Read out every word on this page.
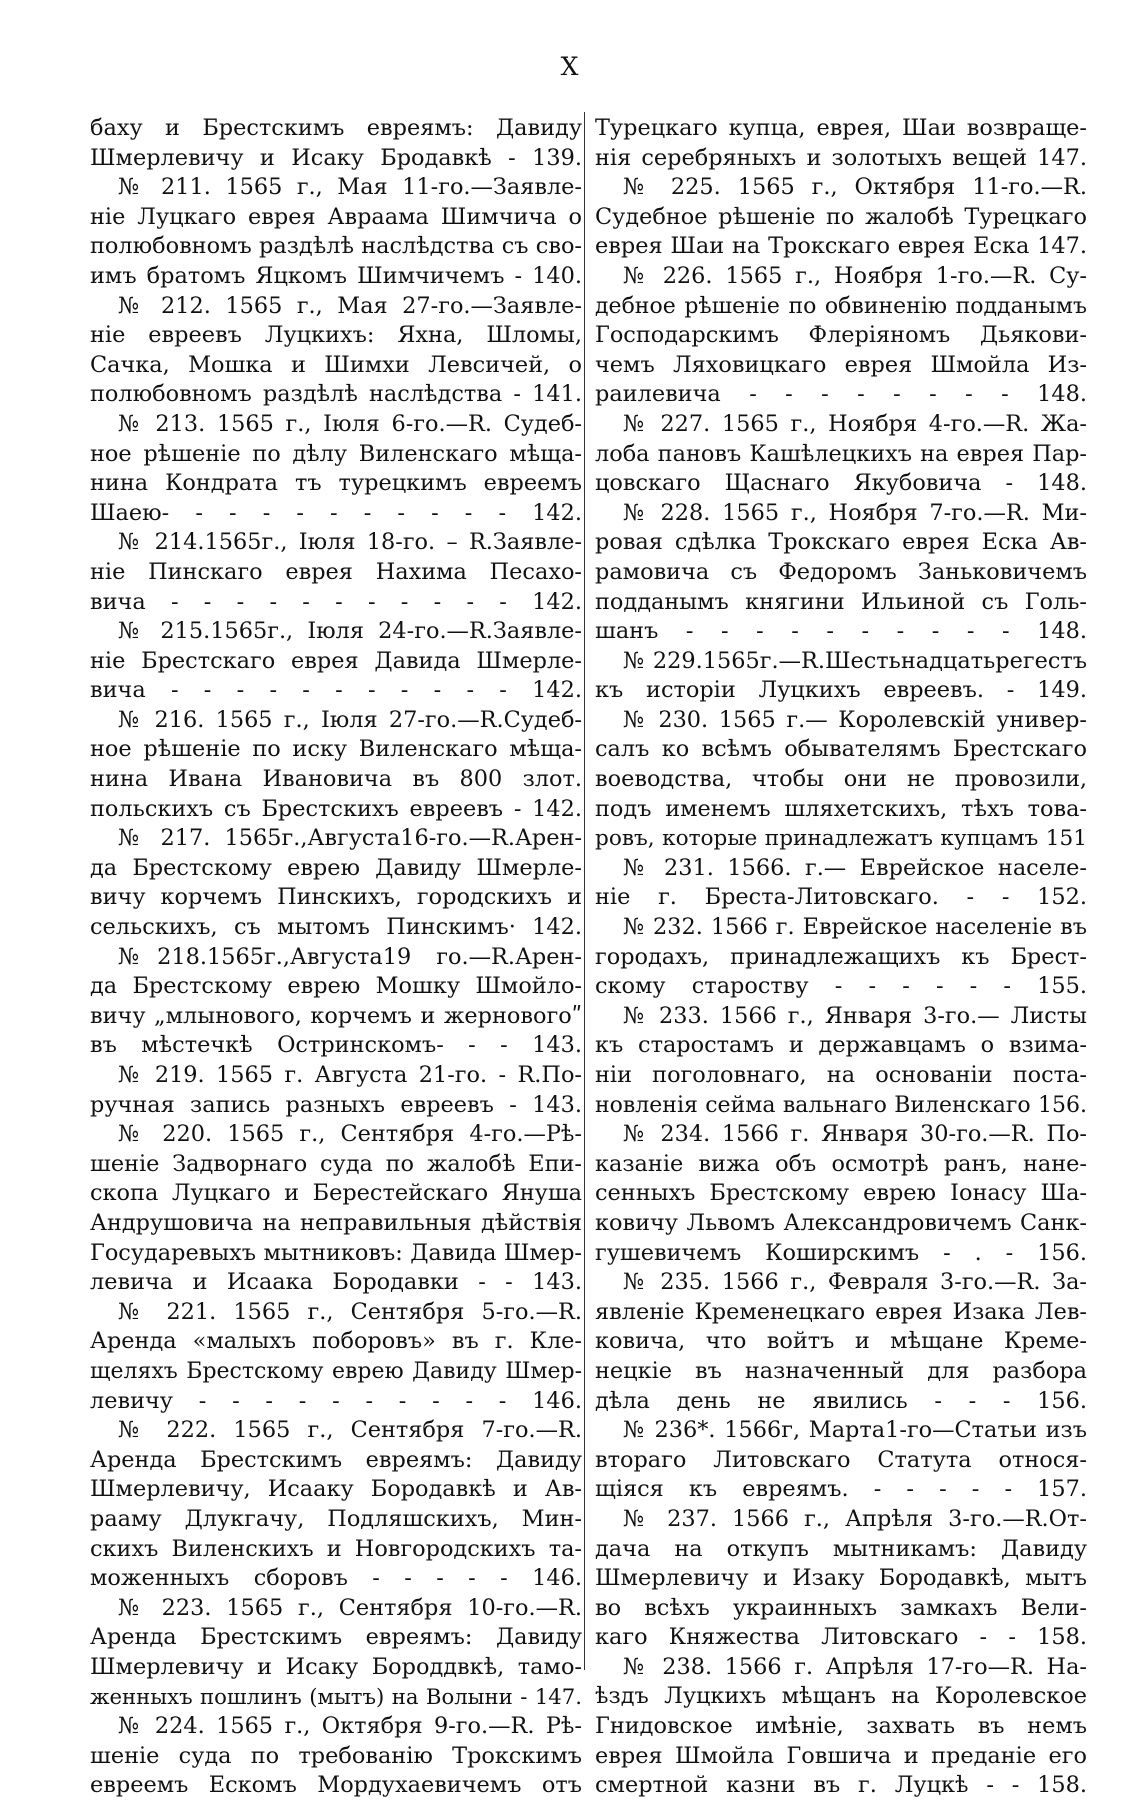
X
баху и Брестскимъ евреямъ: Давиду
Шмерлевичу и Исаку Бродавкѣ - 139.
№ 211. 1565 г., Мая 11-го.—Заявле-
ніе Луцкаго еврея Авраама Шимчича о
полюбовномъ раздѣлѣ наслѣдства съ сво-
имъ братомъ Яцкомъ Шимчичемъ - 140.
№ 212. 1565 г., Мая 27-го.—Заявле-
ніе евреевъ Луцкихъ: Яхна, Шломы,
Сачка, Мошка и Шимхи Левсичей, о
полюбовномъ раздѣлѣ наслѣдства - 141.
№ 213. 1565 г., Іюля 6-го.—R. Судеб-
ное рѣшеніе по дѣлу Виленскаго мѣща-
нина Кондрата тъ турецкимъ евреемъ
Шаею- - - - - - - - - - - 142.
№ 214.1565г., Іюля 18-го. – R.Заявле-
ніе Пинскаго еврея Нахима Песахо-
вича - - - - - - - - - - - 142.
№ 215.1565г., Іюля 24-го.—R.Заявле-
ніе Брестскаго еврея Давида Шмерле-
вича - - - - - - - - - - - 142.
№ 216. 1565 г., Іюля 27-го.—R.Судеб-
ное рѣшеніе по иску Виленскаго мѣща-
нина Ивана Ивановича въ 800 злот.
польскихъ съ Брестскихъ евреевъ - 142.
№ 217. 1565г.,Августа16-го.—R.Арен-
да Брестскому еврею Давиду Шмерле-
вичу корчемъ Пинскихъ, городскихъ и
сельскихъ, съ мытомъ Пинскимъ· 142.
№218.1565г.,Августа19 го.—R.Арен-
да Брестскому еврею Мошку Шмойло-
вичу „млынового, корчемъ и жерновогоʺ
въ мѣстечкѣ Остринскомъ- - - 143.
№ 219. 1565 г. Августа 21-го. - R.По-
ручная запись разныхъ евреевъ - 143.
№ 220. 1565 г., Сентября 4-го.—Рѣ-
шеніе Задворнаго суда по жалобѣ Епи-
скопа Луцкаго и Берестейскаго Януша
Андрушовича на неправильныя дѣйствія
Государевыхъ мытниковъ: Давида Шмер-
левича и Исаака Бородавки - - 143.
№ 221. 1565 г., Сентября 5-го.—R.
Аренда «малыхъ поборовъ» въ г. Кле-
щеляхъ Брестскому еврею Давиду Шмер-
левичу - - - - - - - - - - 146.
№ 222. 1565 г., Сентября 7-го.—R.
Аренда Брестскимъ евреямъ: Давиду
Шмерлевичу, Исааку Бородавкѣ и Ав-
рааму Длукгачу, Подляшскихъ, Мин-
скихъ Виленскихъ и Новгородскихъ та-
моженныхъ сборовъ - - - - - 146.
№ 223. 1565 г., Сентября 10-го.—R.
Аренда Брестскимъ евреямъ: Давиду
Шмерлевичу и Исаку Бороддвкѣ, тамо-
женныхъ пошлинъ (мытъ) на Волыни - 147.
№ 224. 1565 г., Октября 9-го.—R. Рѣ-
шеніе суда по требованію Трокскимъ
евреемъ Ескомъ Мордухаевичемъ отъ
Турецкаго купца, еврея, Шаи возвраще-
нія серебряныхъ и золотыхъ вещей 147.
№ 225. 1565 г., Октября 11-го.—R.
Судебное рѣшеніе по жалобѣ Турецкаго
еврея Шаи на Трокскаго еврея Еска 147.
№ 226. 1565 г., Ноября 1-го.—R. Су-
дебное рѣшеніе по обвиненію подданымъ
Господарскимъ Флеріяномъ Дьякови-
чемъ Ляховицкаго еврея Шмойла Из-
раилевича - - - - - - - - 148.
№ 227. 1565 г., Ноября 4-го.—R. Жа-
лоба пановъ Кашѣлецкихъ на еврея Пар-
цовскаго Щаснаго Якубовича - 148.
№ 228. 1565 г., Ноября 7-го.—R. Ми-
ровая сдѣлка Трокскаго еврея Еска Ав-
рамовича съ Федоромъ Заньковичемъ
подданымъ княгини Ильиной съ Голь-
шанъ - - - - - - - - - - 148.
№229.1565г.—R.Шестьнадцатьрегестъ
къ исторіи Луцкихъ евреевъ. - 149.
№ 230. 1565 г.— Королевскій универ-
салъ ко всѣмъ обывателямъ Брестскаго
воеводства, чтобы они не провозили,
подъ именемъ шляхетскихъ, тѣхъ това-
ровъ, которые принадлежатъ купцамъ 151
№ 231. 1566. г.— Еврейское населе-
ніе г. Бреста-Литовскаго. - - 152.
№ 232. 1566 г. Еврейское населеніе въ
городахъ, принадлежащихъ къ Брест-
скому староству - - - - - - 155.
№ 233. 1566 г., Января 3-го.— Листы
къ старостамъ и державцамъ о взима-
ніи поголовнаго, на основаніи поста-
новленія сейма вальнаго Виленскаго 156.
№ 234. 1566 г. Января 30-го.—R. По-
казаніе вижа объ осмотрѣ ранъ, нане-
сенныхъ Брестскому еврею Іонасу Ша-
ковичу Львомъ Александровичемъ Санк-
гушевичемъ Коширскимъ - . - 156.
№ 235. 1566 г., Февраля 3-го.—R. За-
явленіе Кременецкаго еврея Изака Лев-
ковича, что войтъ и мѣщане Креме-
нецкіе въ назначенный для разбора
дѣла день не явились - - - 156.
№ 236*. 1566г, Марта1-го—Статьи изъ
втораго Литовскаго Статута относя-
щіяся къ евреямъ. - - - - - 157.
№ 237. 1566 г., Апрѣля 3-го.—R.От-
дача на откупъ мытникамъ: Давиду
Шмерлевичу и Изаку Бородавкѣ, мытъ
во всѣхъ украинныхъ замкахъ Вели-
каго Княжества Литовскаго - - 158.
№ 238. 1566 г. Апрѣля 17-го—R. На-
ѣздъ Луцкихъ мѣщанъ на Королевское
Гнидовское имѣніе, захвать въ немъ
еврея Шмойла Говшича и преданіе его
смертной казни въ г. Луцкѣ - - 158.
